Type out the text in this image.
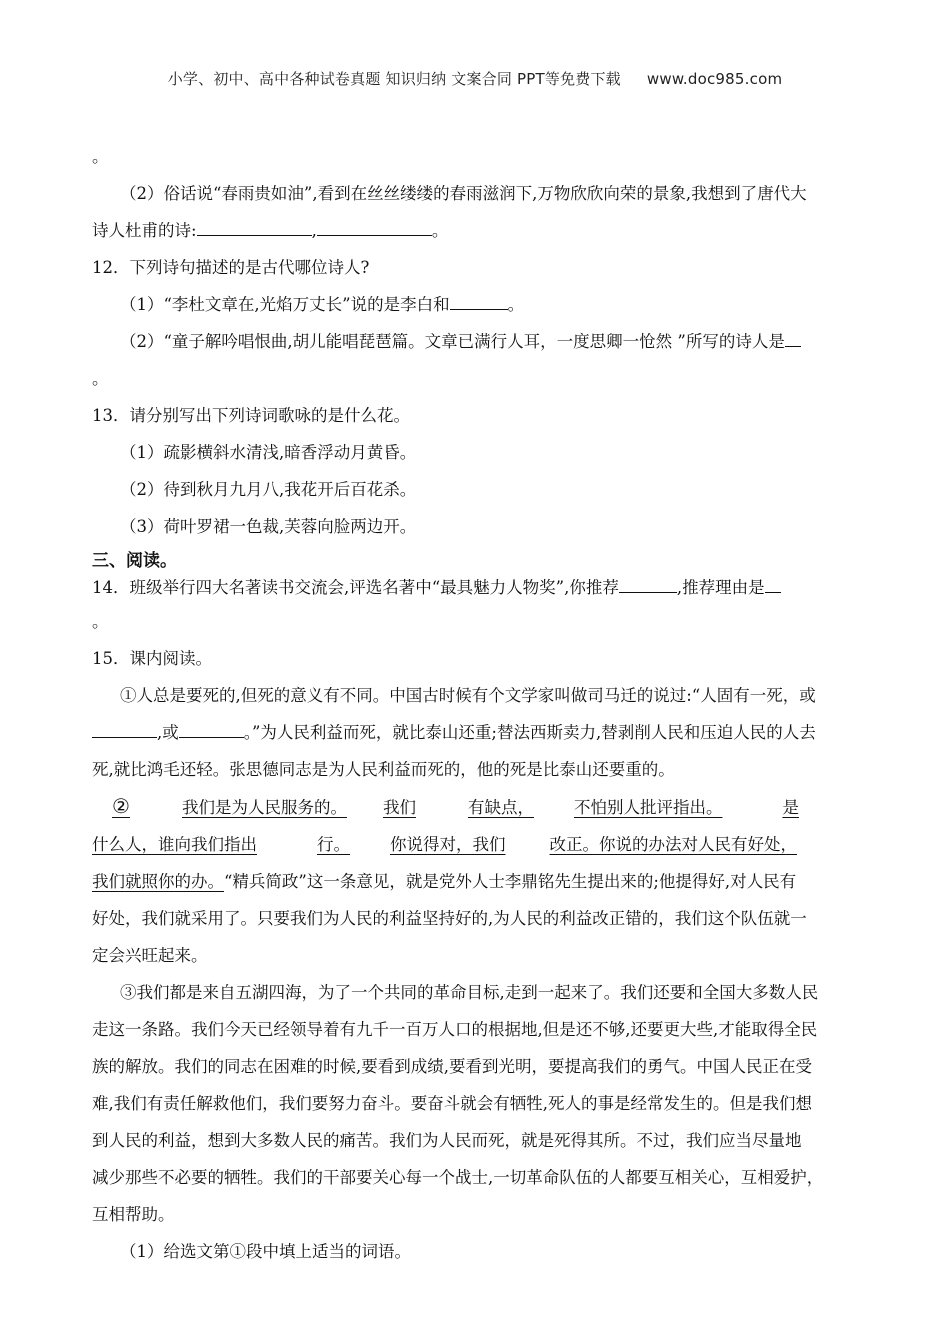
小学、初中、高中各种试卷真题 知识归纳 文案合同 PPT等免费下载 www.doc985.com

。

（2）俗话说“春雨贵如油”,看到在丝丝缕缕的春雨滋润下,万物欣欣向荣的景象,我想到了唐代大

诗人杜甫的诗:	,	。

12．下列诗句描述的是古代哪位诗人?

（1）“李杜文章在,光焰万丈长”说的是李白和	。

（2）“童子解吟唱恨曲,胡儿能唱琵琶篇。文章已满行人耳，一度思卿一怆然 ”所写的诗人是

。

13．请分别写出下列诗词歌咏的是什么花。

（1）疏影横斜水清浅,暗香浮动月黄昏。

（2）待到秋月九月八,我花开后百花杀。

（3）荷叶罗裙一色裁,芙蓉向脸两边开。

三、阅读。

14．班级举行四大名著读书交流会,评选名著中“最具魅力人物奖”,你推荐	,推荐理由是

。

15．课内阅读。

①人总是要死的,但死的意义有不同。中国古时候有个文学家叫做司马迁的说过:“人固有一死，或

,或	。”为人民利益而死，就比泰山还重;替法西斯卖力,替剥削人民和压迫人民的人去

死,就比鸿毛还轻。张思德同志是为人民利益而死的，他的死是比泰山还要重的。

②	我们是为人民服务的。 我们	有缺点， 不怕别人批评指出。	是

什么人，谁向我们指出	行。 你说得对，我们	改正。你说的办法对人民有好处，

我们就照你的办。“精兵简政”这一条意见，就是党外人士李鼎铭先生提出来的;他提得好,对人民有

好处，我们就采用了。只要我们为人民的利益坚持好的,为人民的利益改正错的，我们这个队伍就一

定会兴旺起来。

③我们都是来自五湖四海，为了一个共同的革命目标,走到一起来了。我们还要和全国大多数人民

走这一条路。我们今天已经领导着有九千一百万人口的根据地,但是还不够,还要更大些,才能取得全民

族的解放。我们的同志在困难的时候,要看到成绩,要看到光明，要提高我们的勇气。中国人民正在受

难,我们有责任解救他们，我们要努力奋斗。要奋斗就会有牺牲,死人的事是经常发生的。但是我们想

到人民的利益，想到大多数人民的痛苦。我们为人民而死，就是死得其所。不过，我们应当尽量地

减少那些不必要的牺牲。我们的干部要关心每一个战士,一切革命队伍的人都要互相关心，互相爱护，

互相帮助。

（1）给选文第①段中填上适当的词语。
